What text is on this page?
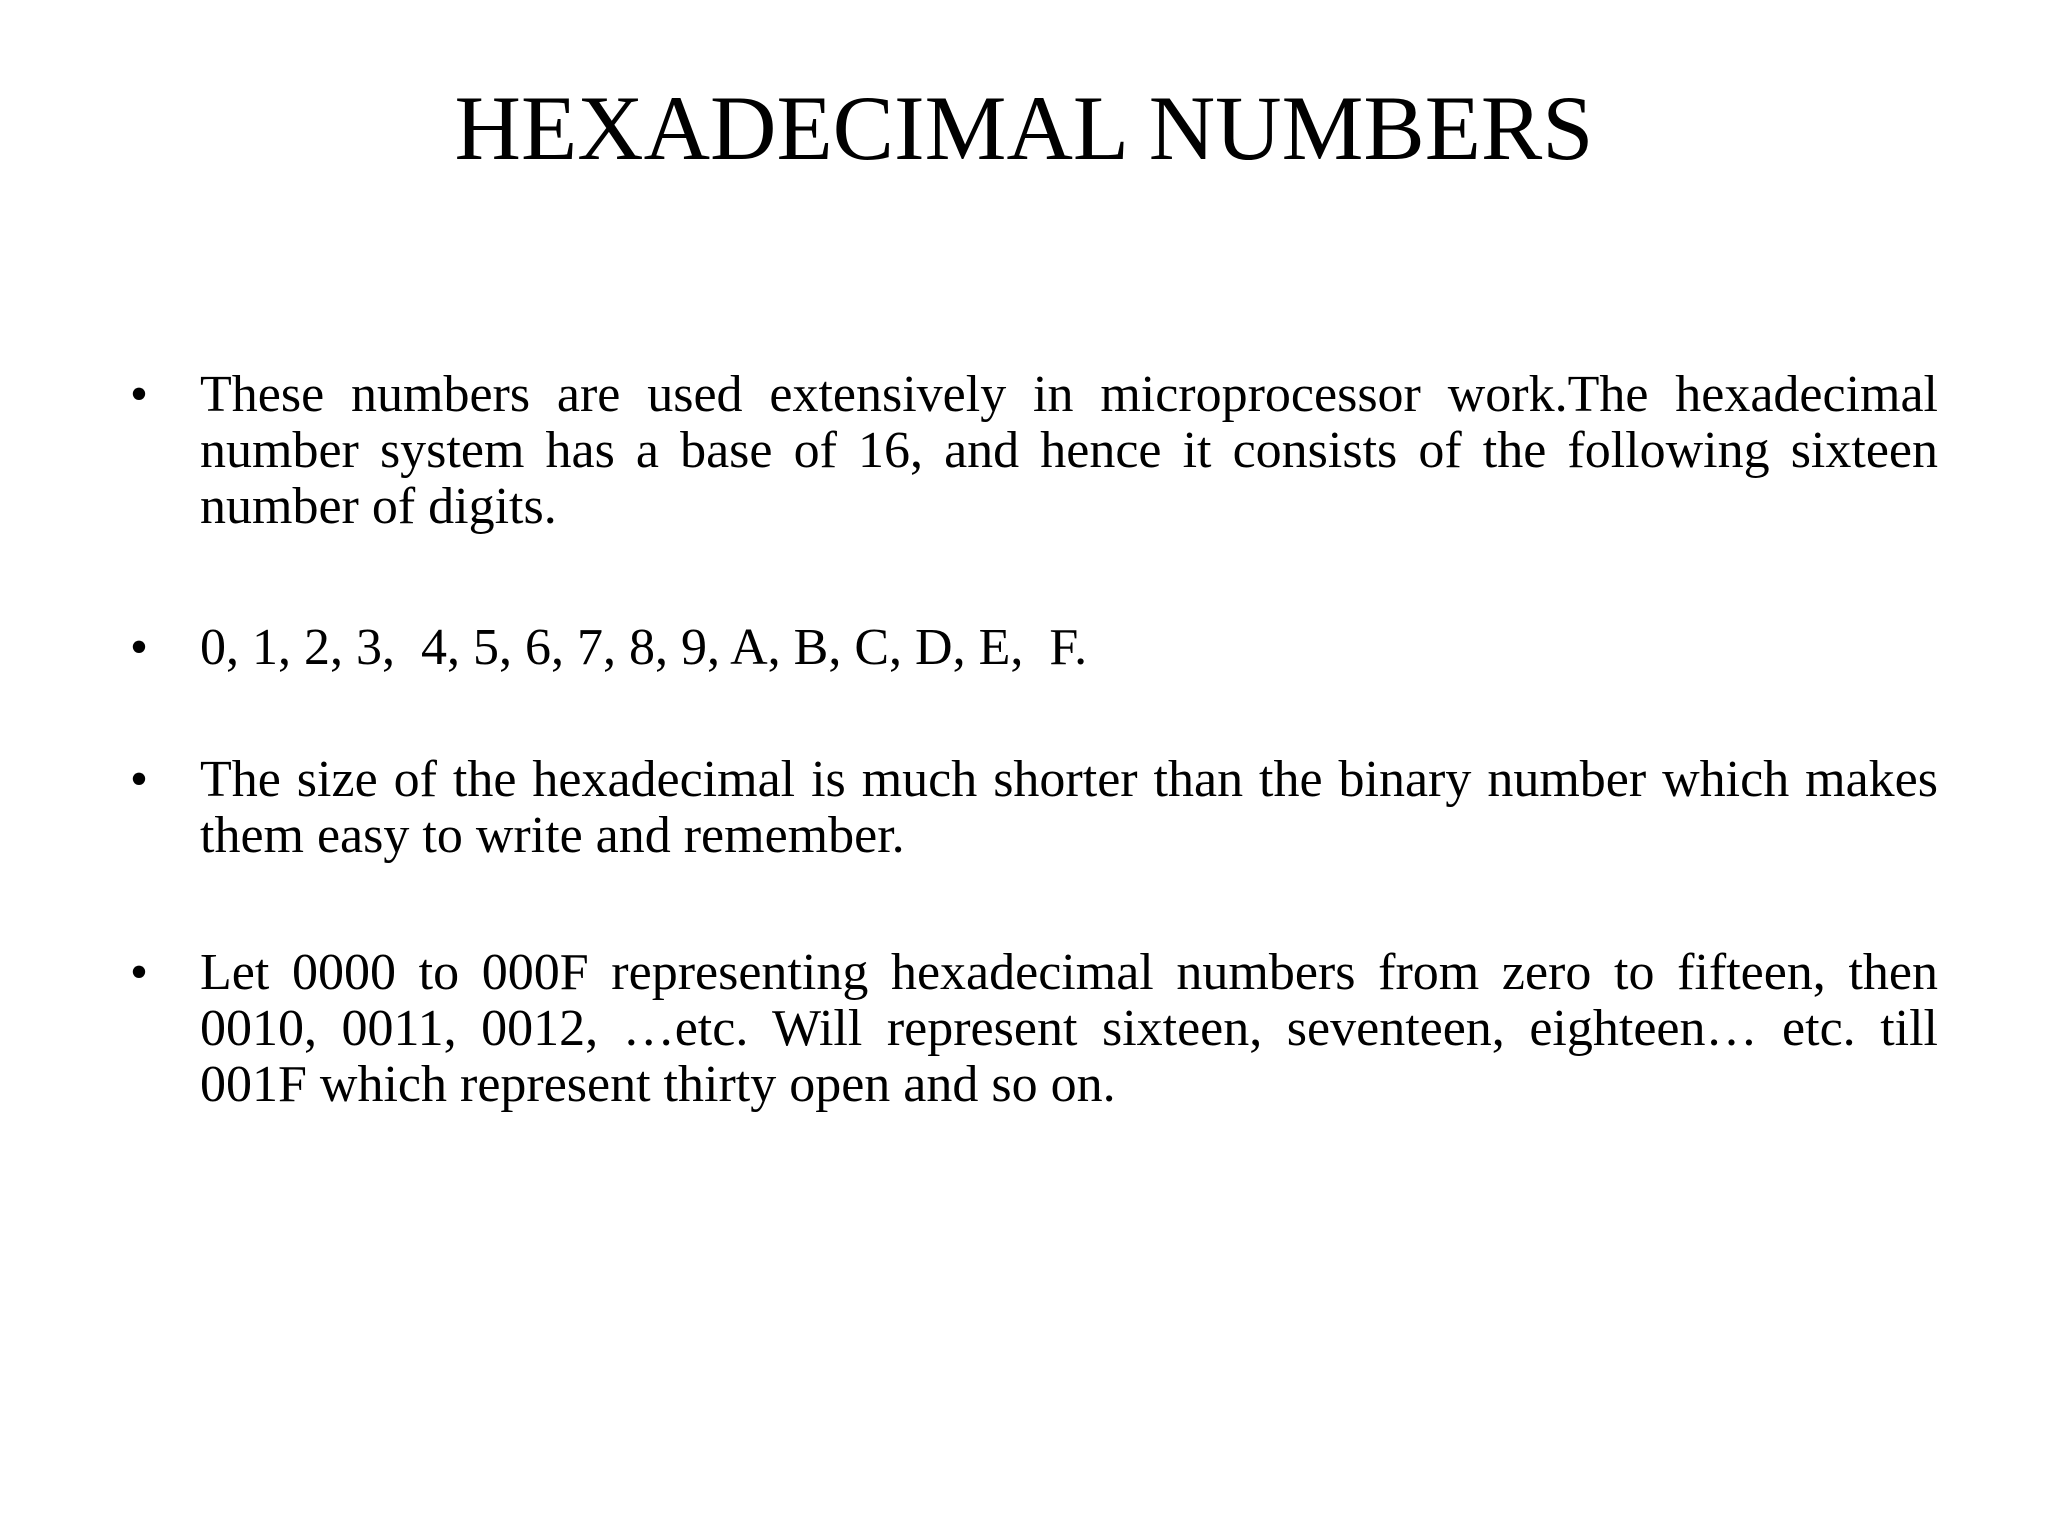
HEXADECIMAL NUMBERS
• These numbers are used extensively in microprocessor work.The hexadecimal number system has a base of 16, and hence it consists of the following sixteen number of digits.
• 0, 1, 2, 3,  4, 5, 6, 7, 8, 9, A, B, C, D, E,  F.
• The size of the hexadecimal is much shorter than the binary number which makes them easy to write and remember.
• Let 0000 to 000F representing hexadecimal numbers from zero to fifteen, then 0010, 0011, 0012, …etc. Will represent sixteen, seventeen, eighteen… etc. till 001F which represent thirty open and so on.
